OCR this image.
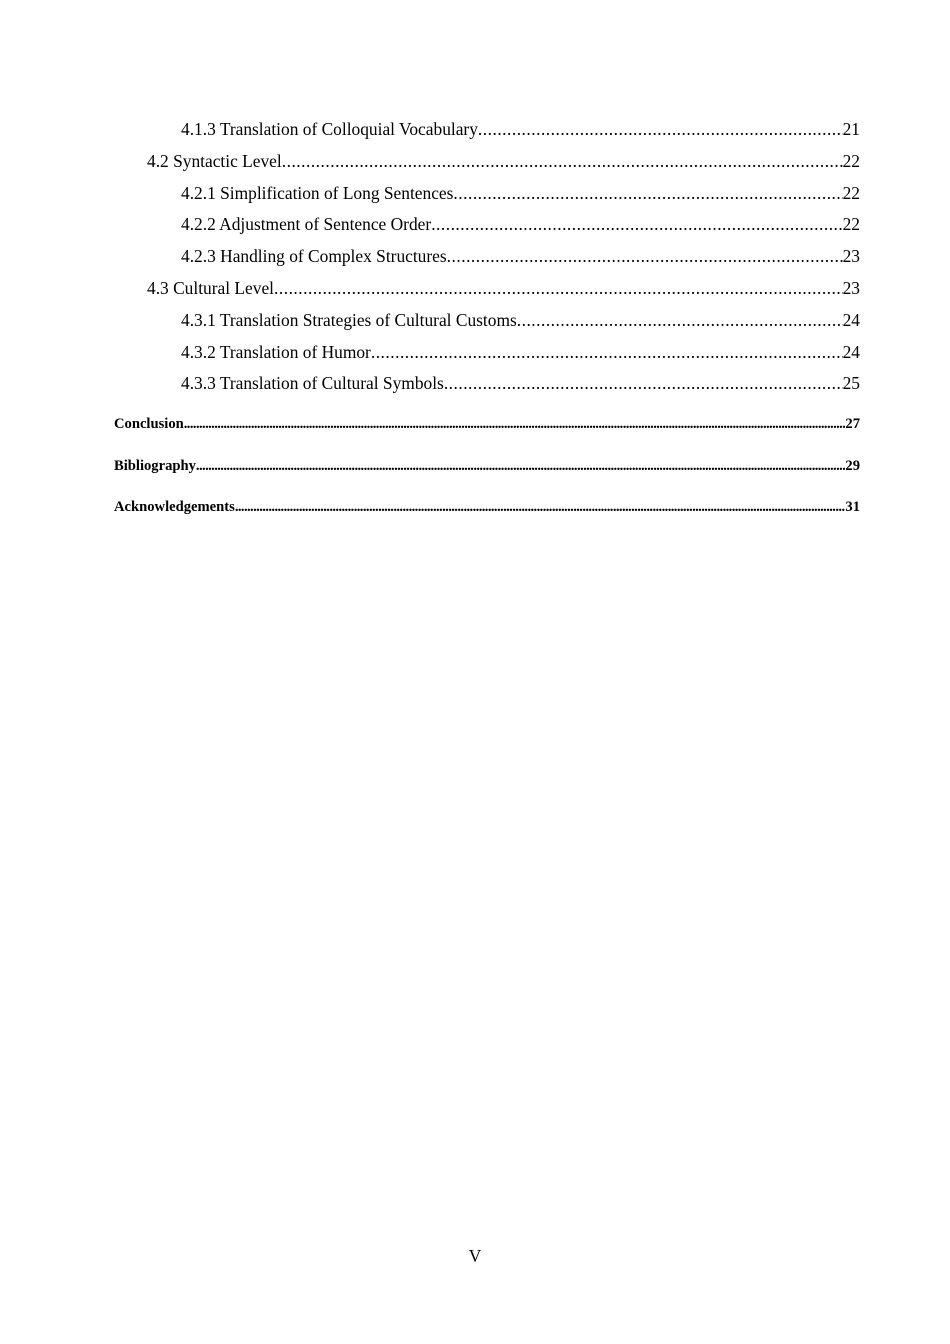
4.1.3 Translation of Colloquial Vocabulary .....	21
4.2 Syntactic Level .....	22
4.2.1 Simplification of Long Sentences .....	22
4.2.2 Adjustment of Sentence Order .....	22
4.2.3 Handling of Complex Structures .....	23
4.3 Cultural Level .....	23
4.3.1 Translation Strategies of Cultural Customs .....	24
4.3.2 Translation of Humor .....	24
4.3.3 Translation of Cultural Symbols .....	25
Conclusion .....	27
Bibliography .....	29
Acknowledgements .....	31
V
